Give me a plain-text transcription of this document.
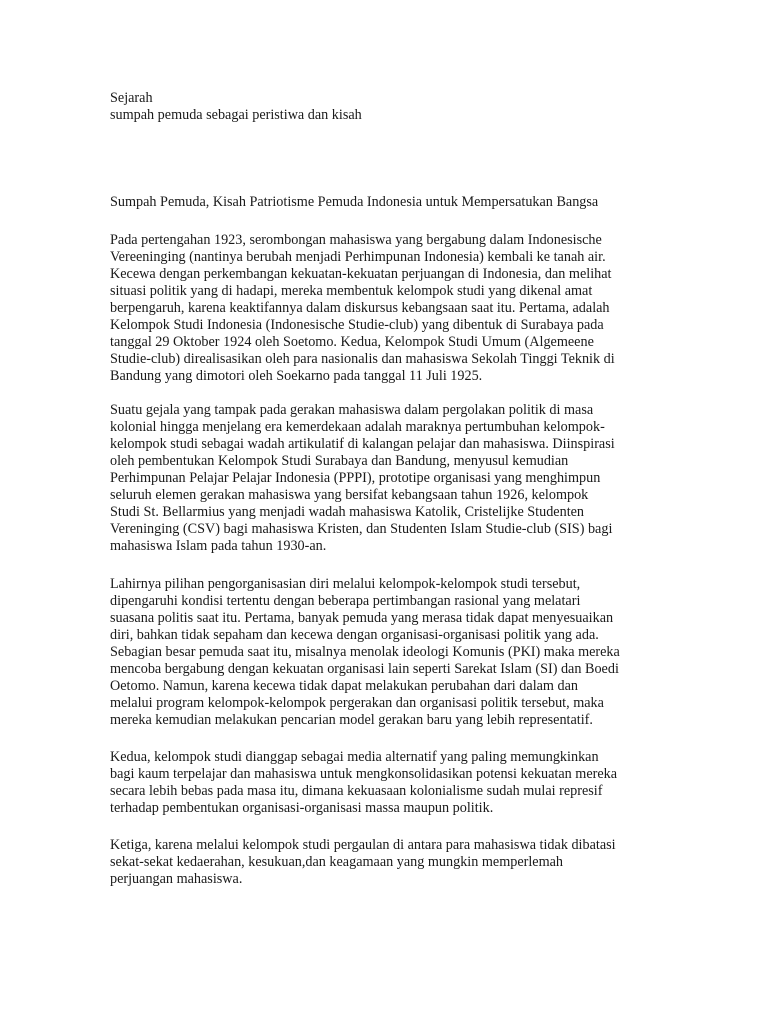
Sejarah
sumpah pemuda sebagai peristiwa dan kisah
Sumpah Pemuda, Kisah Patriotisme Pemuda Indonesia untuk Mempersatukan Bangsa
Pada pertengahan 1923, serombongan mahasiswa yang bergabung dalam Indonesische
Vereeninging (nantinya berubah menjadi Perhimpunan Indonesia) kembali ke tanah air.
Kecewa dengan perkembangan kekuatan-kekuatan perjuangan di Indonesia, dan melihat
situasi politik yang di hadapi, mereka membentuk kelompok studi yang dikenal amat
berpengaruh, karena keaktifannya dalam diskursus kebangsaan saat itu. Pertama, adalah
Kelompok Studi Indonesia (Indonesische Studie-club) yang dibentuk di Surabaya pada
tanggal 29 Oktober 1924 oleh Soetomo. Kedua, Kelompok Studi Umum (Algemeene
Studie-club) direalisasikan oleh para nasionalis dan mahasiswa Sekolah Tinggi Teknik di
Bandung yang dimotori oleh Soekarno pada tanggal 11 Juli 1925.
Suatu gejala yang tampak pada gerakan mahasiswa dalam pergolakan politik di masa
kolonial hingga menjelang era kemerdekaan adalah maraknya pertumbuhan kelompok-
kelompok studi sebagai wadah artikulatif di kalangan pelajar dan mahasiswa. Diinspirasi
oleh pembentukan Kelompok Studi Surabaya dan Bandung, menyusul kemudian
Perhimpunan Pelajar Pelajar Indonesia (PPPI), prototipe organisasi yang menghimpun
seluruh elemen gerakan mahasiswa yang bersifat kebangsaan tahun 1926, kelompok
Studi St. Bellarmius yang menjadi wadah mahasiswa Katolik, Cristelijke Studenten
Vereninging (CSV) bagi mahasiswa Kristen, dan Studenten Islam Studie-club (SIS) bagi
mahasiswa Islam pada tahun 1930-an.
Lahirnya pilihan pengorganisasian diri melalui kelompok-kelompok studi tersebut,
dipengaruhi kondisi tertentu dengan beberapa pertimbangan rasional yang melatari
suasana politis saat itu. Pertama, banyak pemuda yang merasa tidak dapat menyesuaikan
diri, bahkan tidak sepaham dan kecewa dengan organisasi-organisasi politik yang ada.
Sebagian besar pemuda saat itu, misalnya menolak ideologi Komunis (PKI) maka mereka
mencoba bergabung dengan kekuatan organisasi lain seperti Sarekat Islam (SI) dan Boedi
Oetomo. Namun, karena kecewa tidak dapat melakukan perubahan dari dalam dan
melalui program kelompok-kelompok pergerakan dan organisasi politik tersebut, maka
mereka kemudian melakukan pencarian model gerakan baru yang lebih representatif.
Kedua, kelompok studi dianggap sebagai media alternatif yang paling memungkinkan
bagi kaum terpelajar dan mahasiswa untuk mengkonsolidasikan potensi kekuatan mereka
secara lebih bebas pada masa itu, dimana kekuasaan kolonialisme sudah mulai represif
terhadap pembentukan organisasi-organisasi massa maupun politik.
Ketiga, karena melalui kelompok studi pergaulan di antara para mahasiswa tidak dibatasi
sekat-sekat kedaerahan, kesukuan,dan keagamaan yang mungkin memperlemah
perjuangan mahasiswa.
